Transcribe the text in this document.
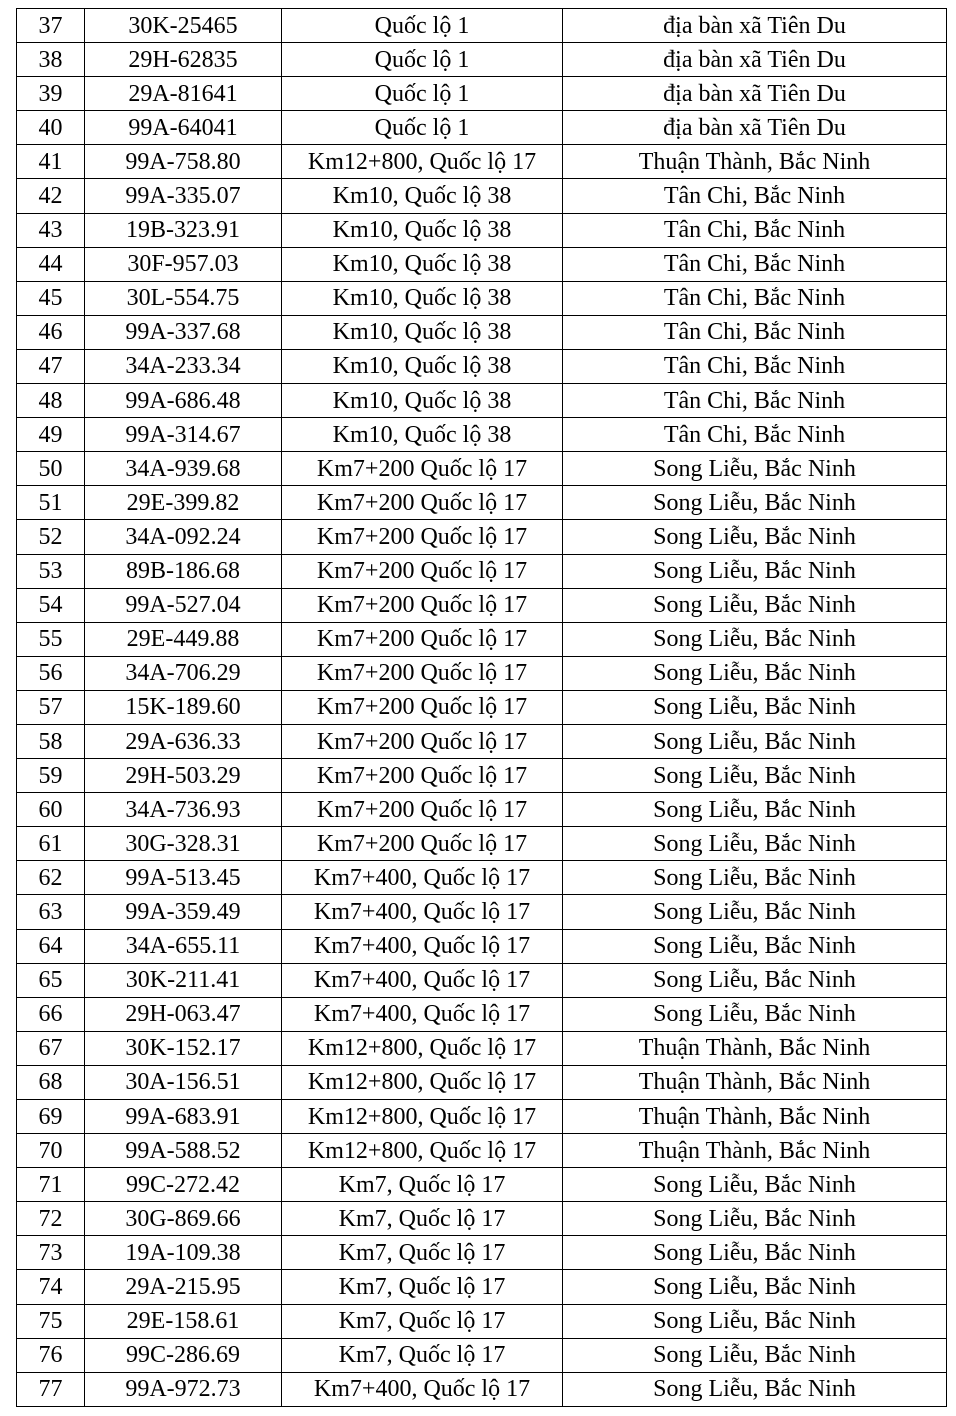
37	30K-25465	Quốc lộ 1	địa bàn xã Tiên Du
38	29H-62835	Quốc lộ 1	địa bàn xã Tiên Du
39	29A-81641	Quốc lộ 1	địa bàn xã Tiên Du
40	99A-64041	Quốc lộ 1	địa bàn xã Tiên Du
41	99A-758.80	Km12+800, Quốc lộ 17	Thuận Thành, Bắc Ninh
42	99A-335.07	Km10, Quốc lộ 38	Tân Chi, Bắc Ninh
43	19B-323.91	Km10, Quốc lộ 38	Tân Chi, Bắc Ninh
44	30F-957.03	Km10, Quốc lộ 38	Tân Chi, Bắc Ninh
45	30L-554.75	Km10, Quốc lộ 38	Tân Chi, Bắc Ninh
46	99A-337.68	Km10, Quốc lộ 38	Tân Chi, Bắc Ninh
47	34A-233.34	Km10, Quốc lộ 38	Tân Chi, Bắc Ninh
48	99A-686.48	Km10, Quốc lộ 38	Tân Chi, Bắc Ninh
49	99A-314.67	Km10, Quốc lộ 38	Tân Chi, Bắc Ninh
50	34A-939.68	Km7+200 Quốc lộ 17	Song Liễu, Bắc Ninh
51	29E-399.82	Km7+200 Quốc lộ 17	Song Liễu, Bắc Ninh
52	34A-092.24	Km7+200 Quốc lộ 17	Song Liễu, Bắc Ninh
53	89B-186.68	Km7+200 Quốc lộ 17	Song Liễu, Bắc Ninh
54	99A-527.04	Km7+200 Quốc lộ 17	Song Liễu, Bắc Ninh
55	29E-449.88	Km7+200 Quốc lộ 17	Song Liễu, Bắc Ninh
56	34A-706.29	Km7+200 Quốc lộ 17	Song Liễu, Bắc Ninh
57	15K-189.60	Km7+200 Quốc lộ 17	Song Liễu, Bắc Ninh
58	29A-636.33	Km7+200 Quốc lộ 17	Song Liễu, Bắc Ninh
59	29H-503.29	Km7+200 Quốc lộ 17	Song Liễu, Bắc Ninh
60	34A-736.93	Km7+200 Quốc lộ 17	Song Liễu, Bắc Ninh
61	30G-328.31	Km7+200 Quốc lộ 17	Song Liễu, Bắc Ninh
62	99A-513.45	Km7+400, Quốc lộ 17	Song Liễu, Bắc Ninh
63	99A-359.49	Km7+400, Quốc lộ 17	Song Liễu, Bắc Ninh
64	34A-655.11	Km7+400, Quốc lộ 17	Song Liễu, Bắc Ninh
65	30K-211.41	Km7+400, Quốc lộ 17	Song Liễu, Bắc Ninh
66	29H-063.47	Km7+400, Quốc lộ 17	Song Liễu, Bắc Ninh
67	30K-152.17	Km12+800, Quốc lộ 17	Thuận Thành, Bắc Ninh
68	30A-156.51	Km12+800, Quốc lộ 17	Thuận Thành, Bắc Ninh
69	99A-683.91	Km12+800, Quốc lộ 17	Thuận Thành, Bắc Ninh
70	99A-588.52	Km12+800, Quốc lộ 17	Thuận Thành, Bắc Ninh
71	99C-272.42	Km7, Quốc lộ 17	Song Liễu, Bắc Ninh
72	30G-869.66	Km7, Quốc lộ 17	Song Liễu, Bắc Ninh
73	19A-109.38	Km7, Quốc lộ 17	Song Liễu, Bắc Ninh
74	29A-215.95	Km7, Quốc lộ 17	Song Liễu, Bắc Ninh
75	29E-158.61	Km7, Quốc lộ 17	Song Liễu, Bắc Ninh
76	99C-286.69	Km7, Quốc lộ 17	Song Liễu, Bắc Ninh
77	99A-972.73	Km7+400, Quốc lộ 17	Song Liễu, Bắc Ninh
